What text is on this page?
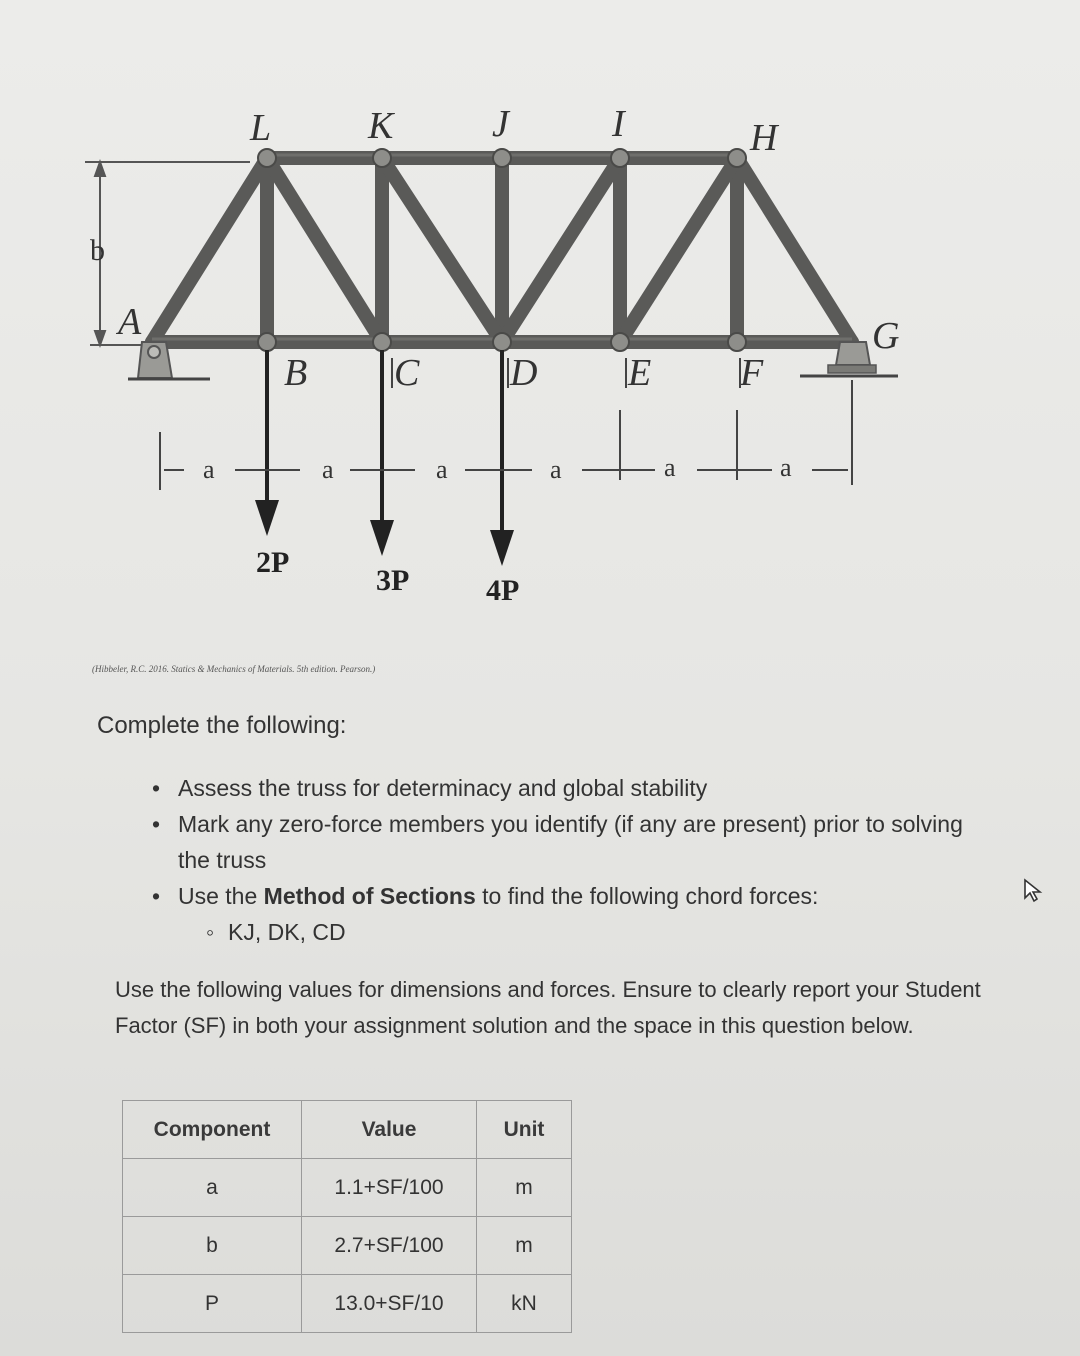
b
L	K	J	I	H
A
B C D E F
G
2P
3P	4P
a	a	a	a	a	a
(Hibbeler, R.C. 2016. Statics & Mechanics of Materials. 5th edition. Pearson.)
Complete the following:
• Assess the truss for determinacy and global stability
• Mark any zero-force members you identify (if any are present) prior to solving the truss
• Use the Method of Sections to find the following chord forces:
◦ KJ, DK, CD
Use the following values for dimensions and forces. Ensure to clearly report your Student Factor (SF) in both your assignment solution and the space in this question below.
Component	Value	Unit
a	1.1+SF/100	m
b	2.7+SF/100	m
P	13.0+SF/10	kN
